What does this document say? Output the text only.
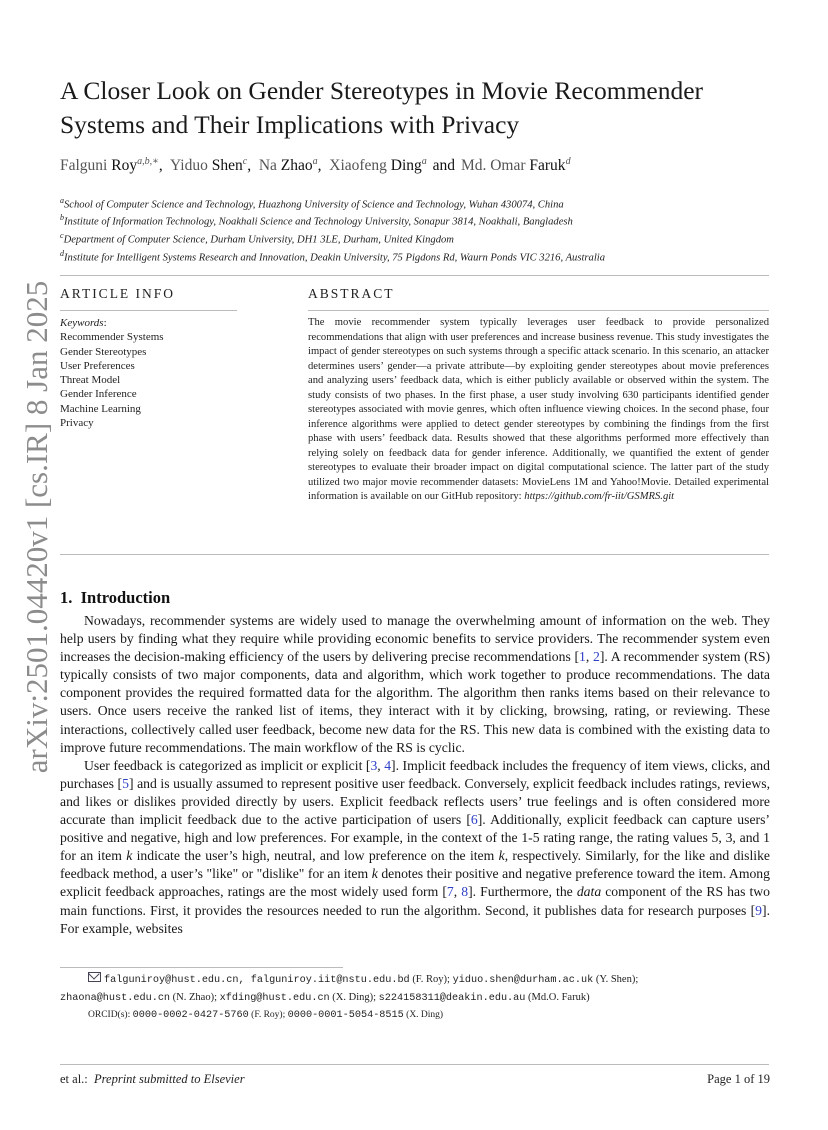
arXiv:2501.04420v1 [cs.IR] 8 Jan 2025
A Closer Look on Gender Stereotypes in Movie Recommender Systems and Their Implications with Privacy
Falguni Roy$^{a,b,∗}$, Yiduo Shen$^c$, Na Zhao$^a$, Xiaofeng Ding$^a$ and Md. Omar Faruk$^d$
$^a$School of Computer Science and Technology, Huazhong University of Science and Technology, Wuhan 430074, China
$^b$Institute of Information Technology, Noakhali Science and Technology University, Sonapur 3814, Noakhali, Bangladesh
$^c$Department of Computer Science, Durham University, DH1 3LE, Durham, United Kingdom
$^d$Institute for Intelligent Systems Research and Innovation, Deakin University, 75 Pigdons Rd, Waurn Ponds VIC 3216, Australia
ARTICLE INFO
Keywords:
Recommender Systems
Gender Stereotypes
User Preferences
Threat Model
Gender Inference
Machine Learning
Privacy
ABSTRACT
The movie recommender system typically leverages user feedback to provide personalized recommendations that align with user preferences and increase business revenue. This study investigates the impact of gender stereotypes on such systems through a specific attack scenario. In this scenario, an attacker determines users’ gender—a private attribute—by exploiting gender stereotypes about movie preferences and analyzing users’ feedback data, which is either publicly available or observed within the system. The study consists of two phases. In the first phase, a user study involving 630 participants identified gender stereotypes associated with movie genres, which often influence viewing choices. In the second phase, four inference algorithms were applied to detect gender stereotypes by combining the findings from the first phase with users’ feedback data. Results showed that these algorithms performed more effectively than relying solely on feedback data for gender inference. Additionally, we quantified the extent of gender stereotypes to evaluate their broader impact on digital computational science. The latter part of the study utilized two major movie recommender datasets: MovieLens 1M and Yahoo!Movie. Detailed experimental information is available on our GitHub repository: https://github.com/fr-iit/GSMRS.git
1. Introduction

Nowadays, recommender systems are widely used to manage the overwhelming amount of information on the web. They help users by finding what they require while providing economic benefits to service providers. The recommender system even increases the decision-making efficiency of the users by delivering precise recommendations [1, 2]. A recommender system (RS) typically consists of two major components, data and algorithm, which work together to produce recommendations. The data component provides the required formatted data for the algorithm. The algorithm then ranks items based on their relevance to users. Once users receive the ranked list of items, they interact with it by clicking, browsing, rating, or reviewing. These interactions, collectively called user feedback, become new data for the RS. This new data is combined with the existing data to improve future recommendations. The main workflow of the RS is cyclic.

User feedback is categorized as implicit or explicit [3, 4]. Implicit feedback includes the frequency of item views, clicks, and purchases [5] and is usually assumed to represent positive user feedback. Conversely, explicit feedback includes ratings, reviews, and likes or dislikes provided directly by users. Explicit feedback reflects users’ true feelings and is often considered more accurate than implicit feedback due to the active participation of users [6]. Additionally, explicit feedback can capture users’ positive and negative, high and low preferences. For example, in the context of the 1-5 rating range, the rating values 5, 3, and 1 for an item k indicate the user’s high, neutral, and low preference on the item k, respectively. Similarly, for the like and dislike feedback method, a user’s "like" or "dislike" for an item k denotes their positive and negative preference toward the item. Among explicit feedback approaches, ratings are the most widely used form [7, 8]. Furthermore, the data component of the RS has two main functions. First, it provides the resources needed to run the algorithm. Second, it publishes data for research purposes [9]. For example, websites

falguniroy@hust.edu.cn, falguniroy.iit@nstu.edu.bd (F. Roy); yiduo.shen@durham.ac.uk (Y. Shen);
zhaona@hust.edu.cn (N. Zhao); xfding@hust.edu.cn (X. Ding); s224158311@deakin.edu.au (Md.O. Faruk)
ORCID(s): 0000-0002-0427-5760 (F. Roy); 0000-0001-5054-8515 (X. Ding)
et al.: Preprint submitted to Elsevier	Page 1 of 19
